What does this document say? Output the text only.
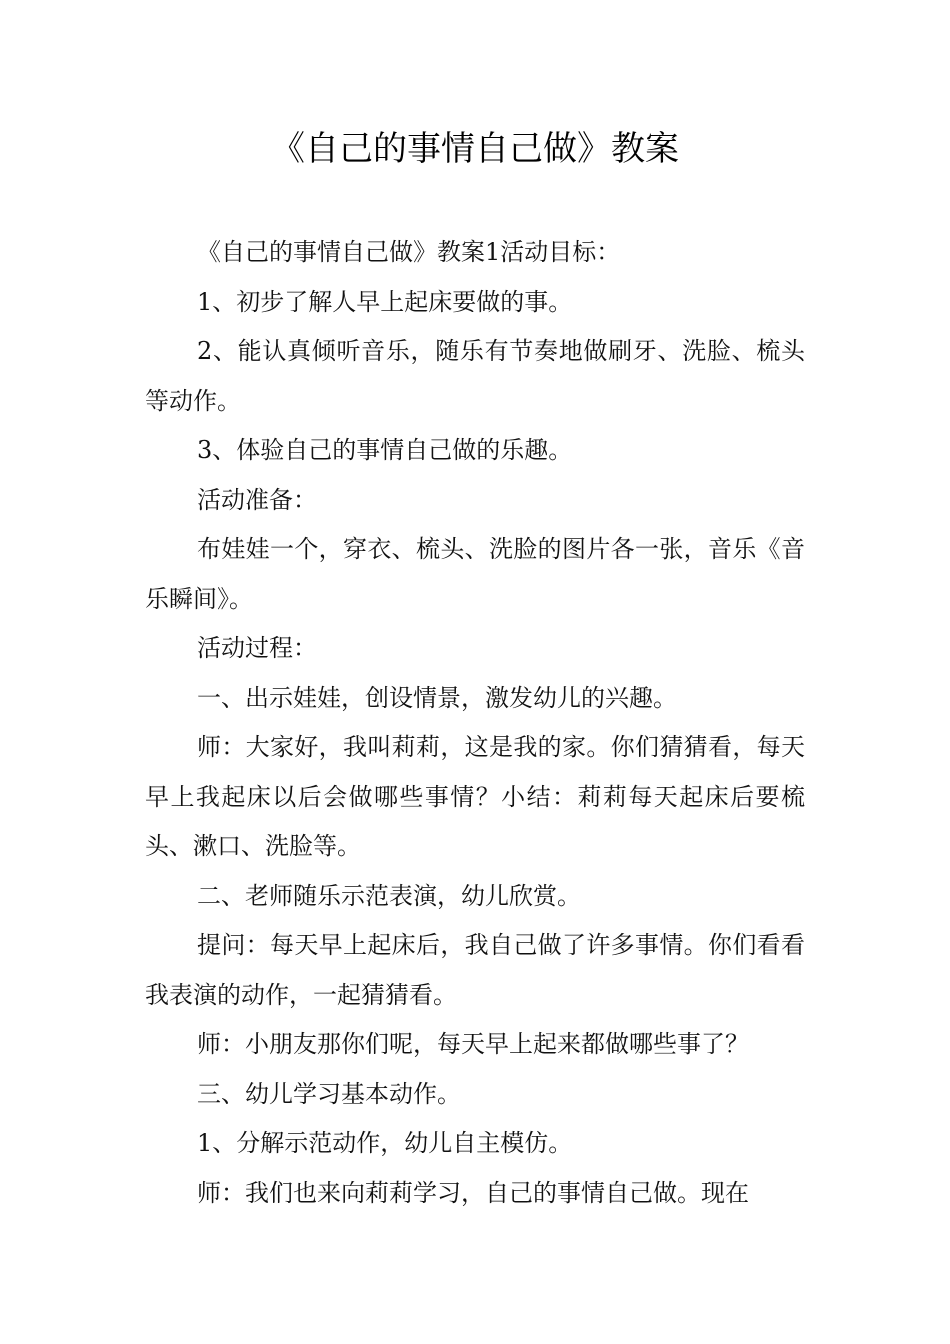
《自己的事情自己做》教案

《自己的事情自己做》教案1活动目标：

1、初步了解人早上起床要做的事。

2、能认真倾听音乐，随乐有节奏地做刷牙、洗脸、梳头等动作。

3、体验自己的事情自己做的乐趣。

活动准备：

布娃娃一个，穿衣、梳头、洗脸的图片各一张，音乐《音乐瞬间》。

活动过程：

一、出示娃娃，创设情景，激发幼儿的兴趣。

师：大家好，我叫莉莉，这是我的家。你们猜猜看，每天早上我起床以后会做哪些事情？小结：莉莉每天起床后要梳头、漱口、洗脸等。

二、老师随乐示范表演，幼儿欣赏。

提问：每天早上起床后，我自己做了许多事情。你们看看我表演的动作，一起猜猜看。

师：小朋友那你们呢，每天早上起来都做哪些事了？

三、幼儿学习基本动作。

1、分解示范动作，幼儿自主模仿。

师：我们也来向莉莉学习，自己的事情自己做。现在
